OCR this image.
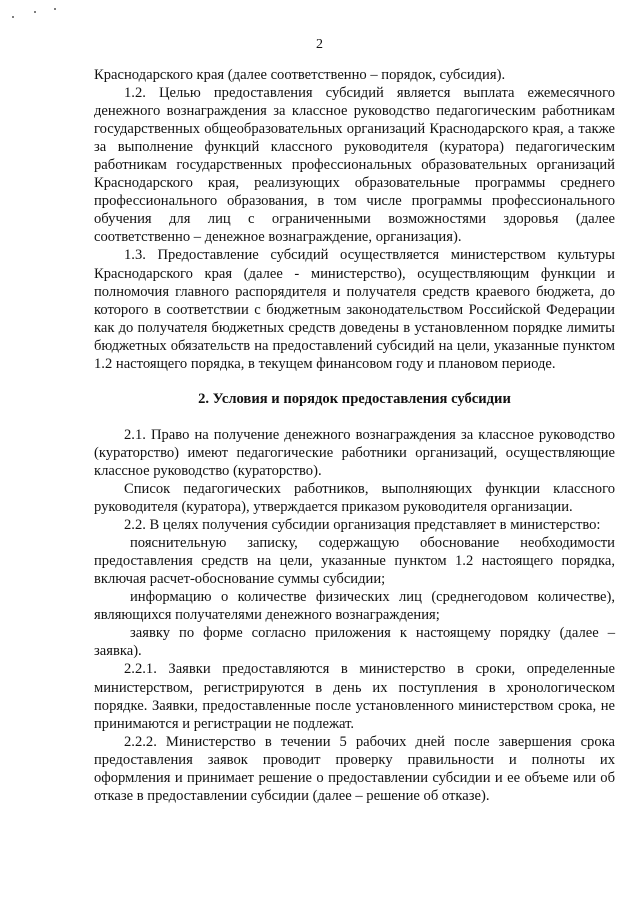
2

Краснодарского края (далее соответственно – порядок, субсидия).

1.2. Целью предоставления субсидий является выплата ежемесячного денежного вознаграждения за классное руководство педагогическим работникам государственных общеобразовательных организаций Краснодарского края, а также за выполнение функций классного руководителя (куратора) педагогическим работникам государственных профессиональных образовательных организаций Краснодарского края, реализующих образовательные программы среднего профессионального образования, в том числе программы профессионального обучения для лиц с ограниченными возможностями здоровья (далее соответственно – денежное вознаграждение, организация).

1.3. Предоставление субсидий осуществляется министерством культуры Краснодарского края (далее - министерство), осуществляющим функции и полномочия главного распорядителя и получателя средств краевого бюджета, до которого в соответствии с бюджетным законодательством Российской Федерации как до получателя бюджетных средств доведены в установленном порядке лимиты бюджетных обязательств на предоставлений субсидий на цели, указанные пунктом 1.2 настоящего порядка, в текущем финансовом году и плановом периоде.

2. Условия и порядок предоставления субсидии

2.1. Право на получение денежного вознаграждения за классное руководство (кураторство) имеют педагогические работники организаций, осуществляющие классное руководство (кураторство).

Список педагогических работников, выполняющих функции классного руководителя (куратора), утверждается приказом руководителя организации.

2.2. В целях получения субсидии организация представляет в министерство:

пояснительную записку, содержащую обоснование необходимости предоставления средств на цели, указанные пунктом 1.2 настоящего порядка, включая расчет-обоснование суммы субсидии;

информацию о количестве физических лиц (среднегодовом количестве), являющихся получателями денежного вознаграждения;

заявку по форме согласно приложения к настоящему порядку (далее – заявка).

2.2.1. Заявки предоставляются в министерство в сроки, определенные министерством, регистрируются в день их поступления в хронологическом порядке. Заявки, предоставленные после установленного министерством срока, не принимаются и регистрации не подлежат.

2.2.2. Министерство в течении 5 рабочих дней после завершения срока предоставления заявок проводит проверку правильности и полноты их оформления и принимает решение о предоставлении субсидии и ее объеме или об отказе в предоставлении субсидии (далее – решение об отказе).
